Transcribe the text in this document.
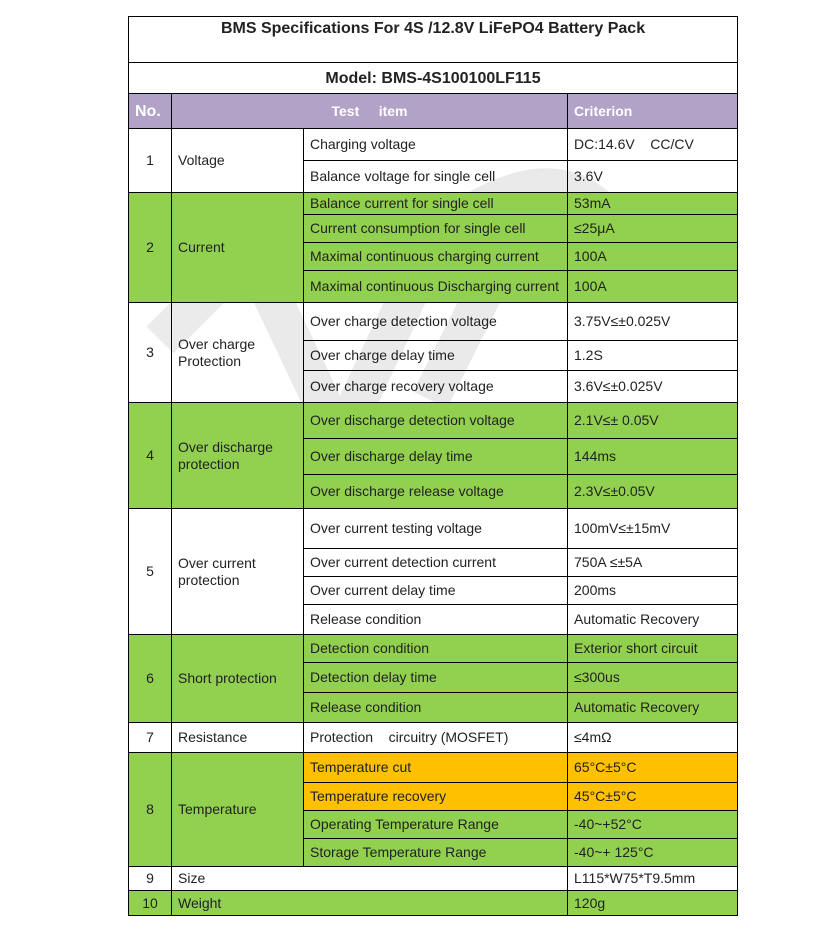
BMS Specifications For 4S /12.8V LiFePO4 Battery Pack			
Model: BMS-4S100100LF115			
No.	Test     item		Criterion
1	Voltage	Charging voltage	DC:14.6V    CC/CV
		Balance voltage for single cell	3.6V
2	Current	Balance current for single cell	53mA
		Current consumption for single cell	≤25μA
		Maximal continuous charging current	100A
		Maximal continuous Discharging current	100A
3	Over charge Protection	Over charge detection voltage	3.75V≤±0.025V
		Over charge delay time	1.2S
		Over charge recovery voltage	3.6V≤±0.025V
4	Over discharge protection	Over discharge detection voltage	2.1V≤± 0.05V
		Over discharge delay time	144ms
		Over discharge release voltage	2.3V≤±0.05V
5	Over current protection	Over current testing voltage	100mV≤±15mV
		Over current detection current	750A ≤±5A
		Over current delay time	200ms
		Release condition	Automatic Recovery
6	Short protection	Detection condition	Exterior short circuit
		Detection delay time	≤300us
		Release condition	Automatic Recovery
7	Resistance	Protection    circuitry (MOSFET)	≤4mΩ
8	Temperature	Temperature cut	65°C±5°C
		Temperature recovery	45°C±5°C
		Operating Temperature Range	-40~+52°C
		Storage Temperature Range	-40~+ 125°C
9	Size		L115*W75*T9.5mm
10	Weight		120g
